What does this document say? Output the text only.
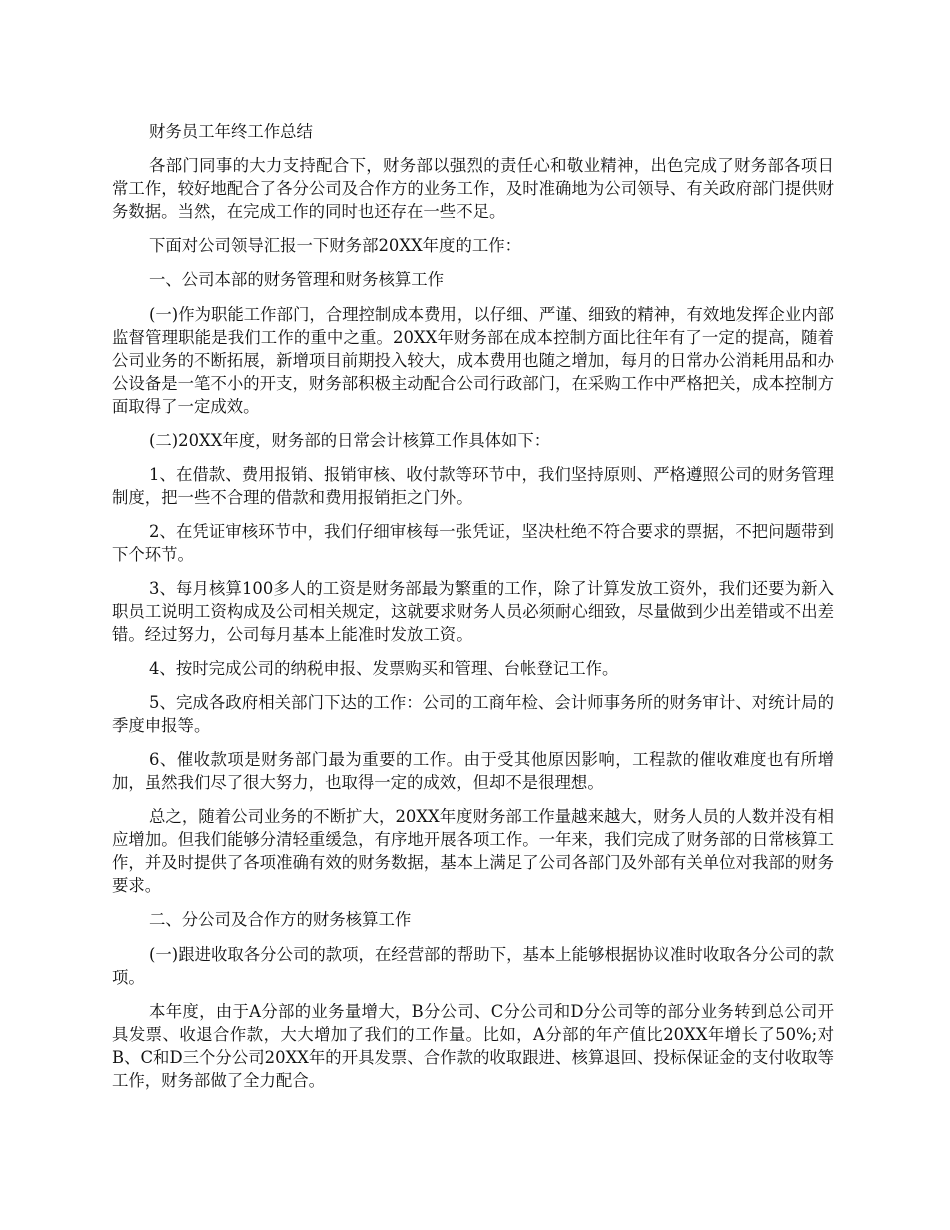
财务员工年终工作总结

各部门同事的大力支持配合下，财务部以强烈的责任心和敬业精神，出色完成了财务部各项日常工作，较好地配合了各分公司及合作方的业务工作，及时准确地为公司领导、有关政府部门提供财务数据。当然，在完成工作的同时也还存在一些不足。

下面对公司领导汇报一下财务部20XX年度的工作：

一、公司本部的财务管理和财务核算工作

(一)作为职能工作部门，合理控制成本费用，以仔细、严谨、细致的精神，有效地发挥企业内部监督管理职能是我们工作的重中之重。20XX年财务部在成本控制方面比往年有了一定的提高，随着公司业务的不断拓展，新增项目前期投入较大，成本费用也随之增加，每月的日常办公消耗用品和办公设备是一笔不小的开支，财务部积极主动配合公司行政部门，在采购工作中严格把关，成本控制方面取得了一定成效。

(二)20XX年度，财务部的日常会计核算工作具体如下：

1、在借款、费用报销、报销审核、收付款等环节中，我们坚持原则、严格遵照公司的财务管理制度，把一些不合理的借款和费用报销拒之门外。

2、在凭证审核环节中，我们仔细审核每一张凭证，坚决杜绝不符合要求的票据，不把问题带到下个环节。

3、每月核算100多人的工资是财务部最为繁重的工作，除了计算发放工资外，我们还要为新入职员工说明工资构成及公司相关规定，这就要求财务人员必须耐心细致，尽量做到少出差错或不出差错。经过努力，公司每月基本上能准时发放工资。

4、按时完成公司的纳税申报、发票购买和管理、台帐登记工作。

5、完成各政府相关部门下达的工作：公司的工商年检、会计师事务所的财务审计、对统计局的季度申报等。

6、催收款项是财务部门最为重要的工作。由于受其他原因影响，工程款的催收难度也有所增加，虽然我们尽了很大努力，也取得一定的成效，但却不是很理想。

总之，随着公司业务的不断扩大，20XX年度财务部工作量越来越大，财务人员的人数并没有相应增加。但我们能够分清轻重缓急，有序地开展各项工作。一年来，我们完成了财务部的日常核算工作，并及时提供了各项准确有效的财务数据，基本上满足了公司各部门及外部有关单位对我部的财务要求。

二、分公司及合作方的财务核算工作

(一)跟进收取各分公司的款项，在经营部的帮助下，基本上能够根据协议准时收取各分公司的款项。

本年度，由于A分部的业务量增大，B分公司、C分公司和D分公司等的部分业务转到总公司开具发票、收退合作款，大大增加了我们的工作量。比如，A分部的年产值比20XX年增长了50%;对B、C和D三个分公司20XX年的开具发票、合作款的收取跟进、核算退回、投标保证金的支付收取等工作，财务部做了全力配合。
